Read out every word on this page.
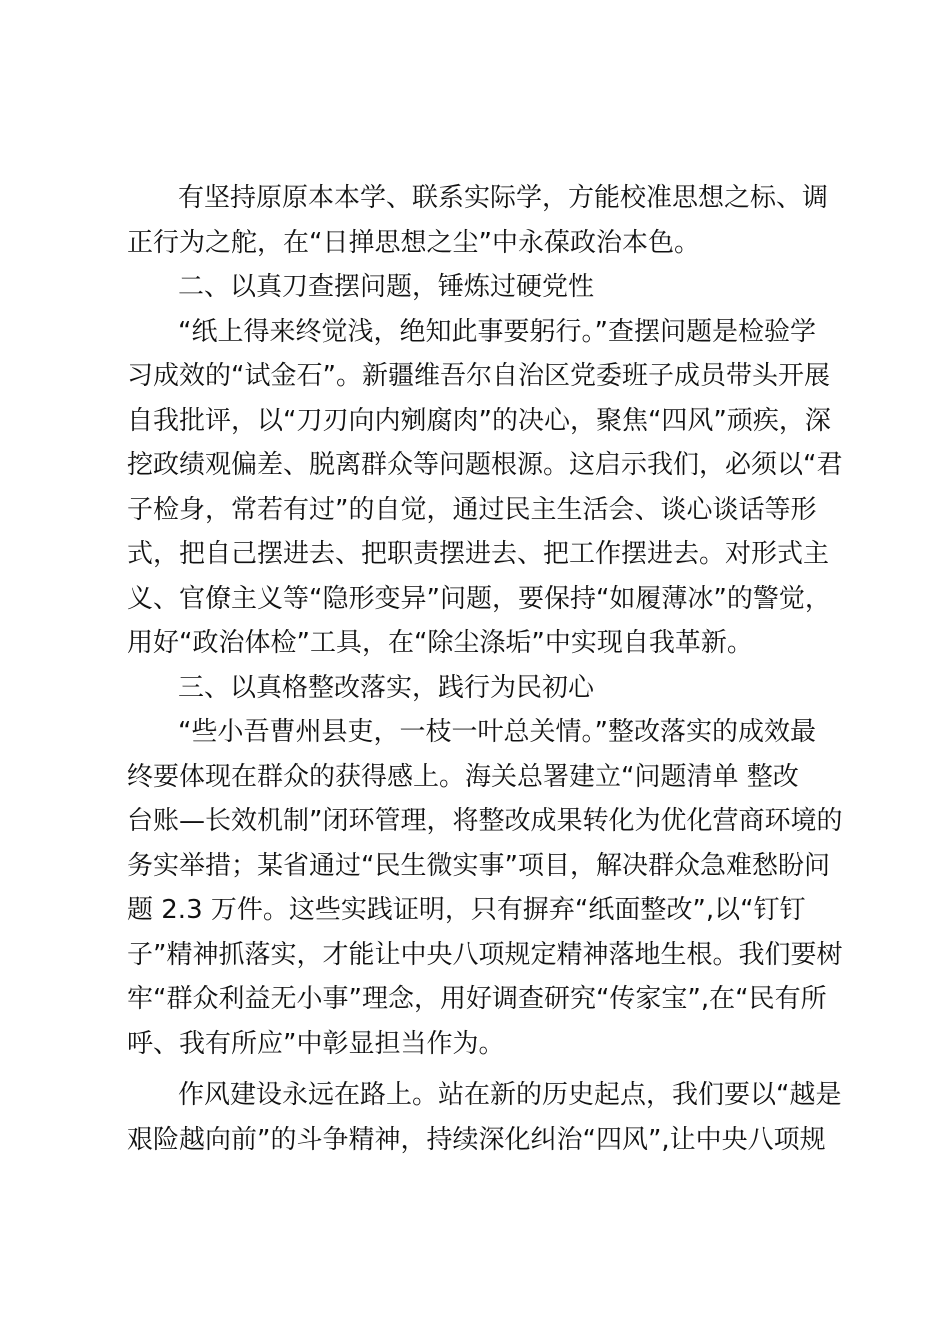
有坚持原原本本学、联系实际学，方能校准思想之标、调
正行为之舵，在“日掸思想之尘”中永葆政治本色。
二、以真刀查摆问题，锤炼过硬党性
“纸上得来终觉浅，绝知此事要躬行。”查摆问题是检验学
习成效的“试金石”。新疆维吾尔自治区党委班子成员带头开展
自我批评，以“刀刃向内剜腐肉”的决心，聚焦“四风”顽疾，深
挖政绩观偏差、脱离群众等问题根源。这启示我们，必须以“君
子检身，常若有过”的自觉，通过民主生活会、谈心谈话等形
式，把自己摆进去、把职责摆进去、把工作摆进去。对形式主
义、官僚主义等“隐形变异”问题，要保持“如履薄冰”的警觉，
用好“政治体检”工具，在“除尘涤垢”中实现自我革新。
三、以真格整改落实，践行为民初心
“些小吾曹州县吏，一枝一叶总关情。”整改落实的成效最
终要体现在群众的获得感上。海关总署建立“问题清单 整改
台账—长效机制”闭环管理，将整改成果转化为优化营商环境的
务实举措；某省通过“民生微实事”项目，解决群众急难愁盼问
题 2.3 万件。这些实践证明，只有摒弃“纸面整改”,以“钉钉
子”精神抓落实，才能让中央八项规定精神落地生根。我们要树
牢“群众利益无小事”理念，用好调查研究“传家宝”,在“民有所
呼、我有所应”中彰显担当作为。
作风建设永远在路上。站在新的历史起点，我们要以“越是
艰险越向前”的斗争精神，持续深化纠治“四风”,让中央八项规
